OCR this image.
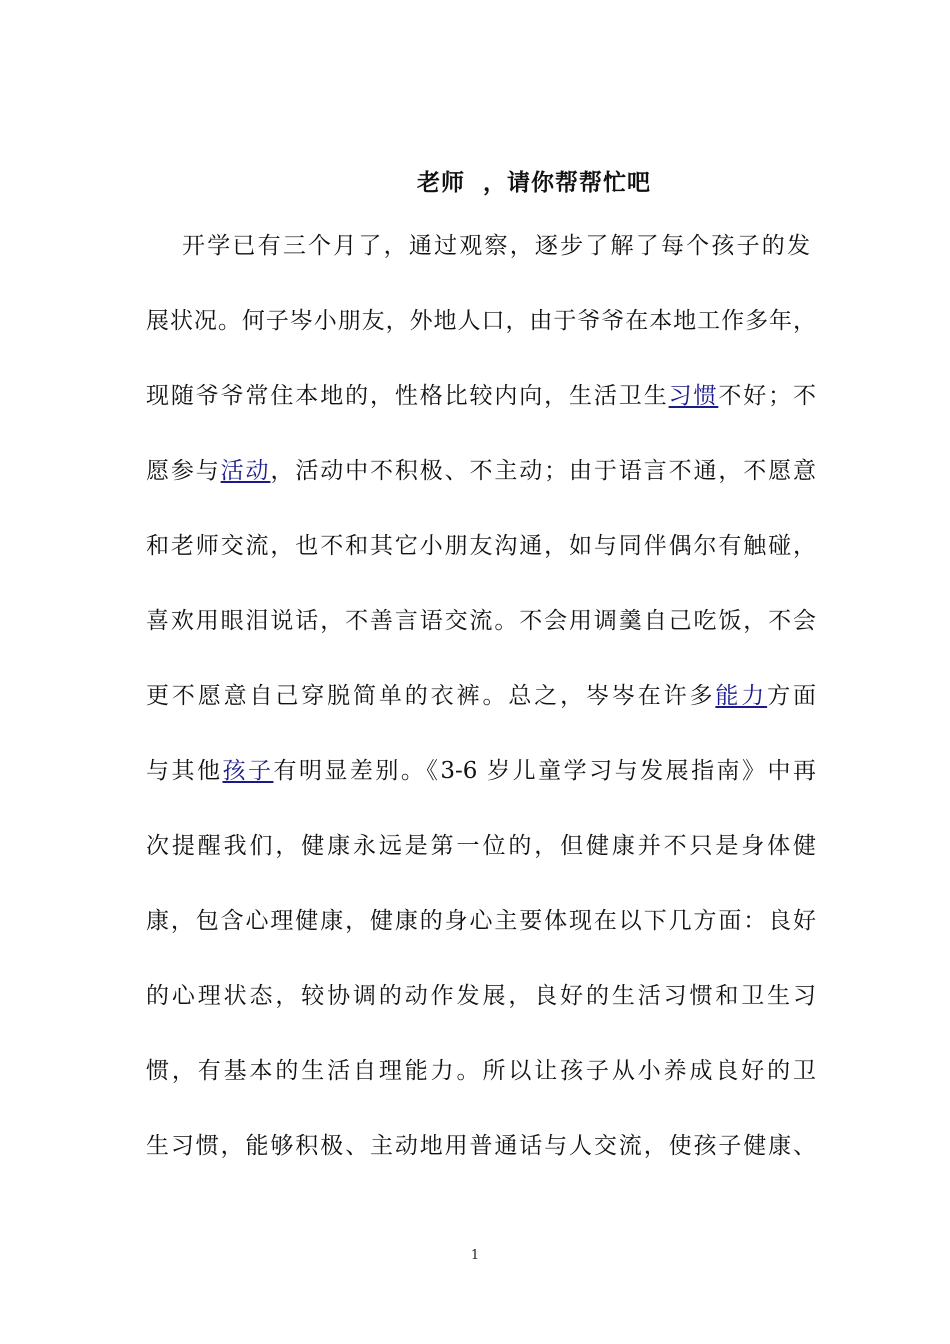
老师  ，请你帮帮忙吧
开学已有三个月了，通过观察，逐步了解了每个孩子的发
展状况。何子岑小朋友，外地人口，由于爷爷在本地工作多年，
现随爷爷常住本地的，性格比较内向，生活卫生习惯不好；不
愿参与活动，活动中不积极、不主动；由于语言不通，不愿意
和老师交流，也不和其它小朋友沟通，如与同伴偶尔有触碰，
喜欢用眼泪说话，不善言语交流。不会用调羹自己吃饭，不会
更不愿意自己穿脱简单的衣裤。总之，岑岑在许多能力方面
与其他孩子有明显差别。《3-6 岁儿童学习与发展指南》中再
次提醒我们，健康永远是第一位的，但健康并不只是身体健
康，包含心理健康，健康的身心主要体现在以下几方面：良好
的心理状态，较协调的动作发展，良好的生活习惯和卫生习
惯，有基本的生活自理能力。所以让孩子从小养成良好的卫
生习惯，能够积极、主动地用普通话与人交流，使孩子健康、
1
